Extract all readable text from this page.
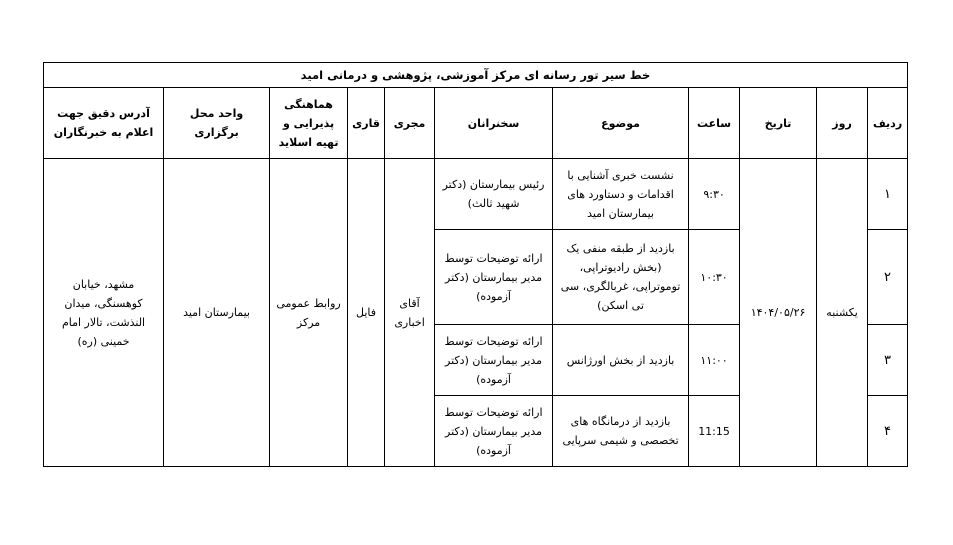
خط سیر تور رسانه ای مرکز آموزشی، پژوهشی و درمانی امید										
ردیف	روز	تاریخ	ساعت	موضوع	سخنرانان	مجری	قاری	هماهنگی پذیرایی و تهیه اسلاید	واحد محل برگزاری	آدرس دقیق جهت اعلام به خبرنگاران
۱	یکشنبه	۱۴۰۴/۰۵/۲۶	۹:۳۰	نشست خبری آشنایی با اقدامات و دستاورد های بیمارستان امید	رئیس بیمارستان (دکتر شهید ثالث)	آقای اخباری	فایل	روابط عمومی مرکز	بیمارستان امید	مشهد، خیابان کوهسنگی، میدان النذشت، تالار امام خمینی (ره)
۲			۱۰:۳۰	بازدید از طبقه منفی یک (بخش رادیوتراپی، توموتراپی، غربالگری، سی تی اسکن)	ارائه توضیحات توسط مدیر بیمارستان (دکتر آزموده)					
۳			۱۱:۰۰	بازدید از بخش اورژانس	ارائه توضیحات توسط مدیر بیمارستان (دکتر آزموده)					
۴			11:15	بازدید از درمانگاه های تخصصی و شیمی سرپایی	ارائه توضیحات توسط مدیر بیمارستان (دکتر آزموده)					
